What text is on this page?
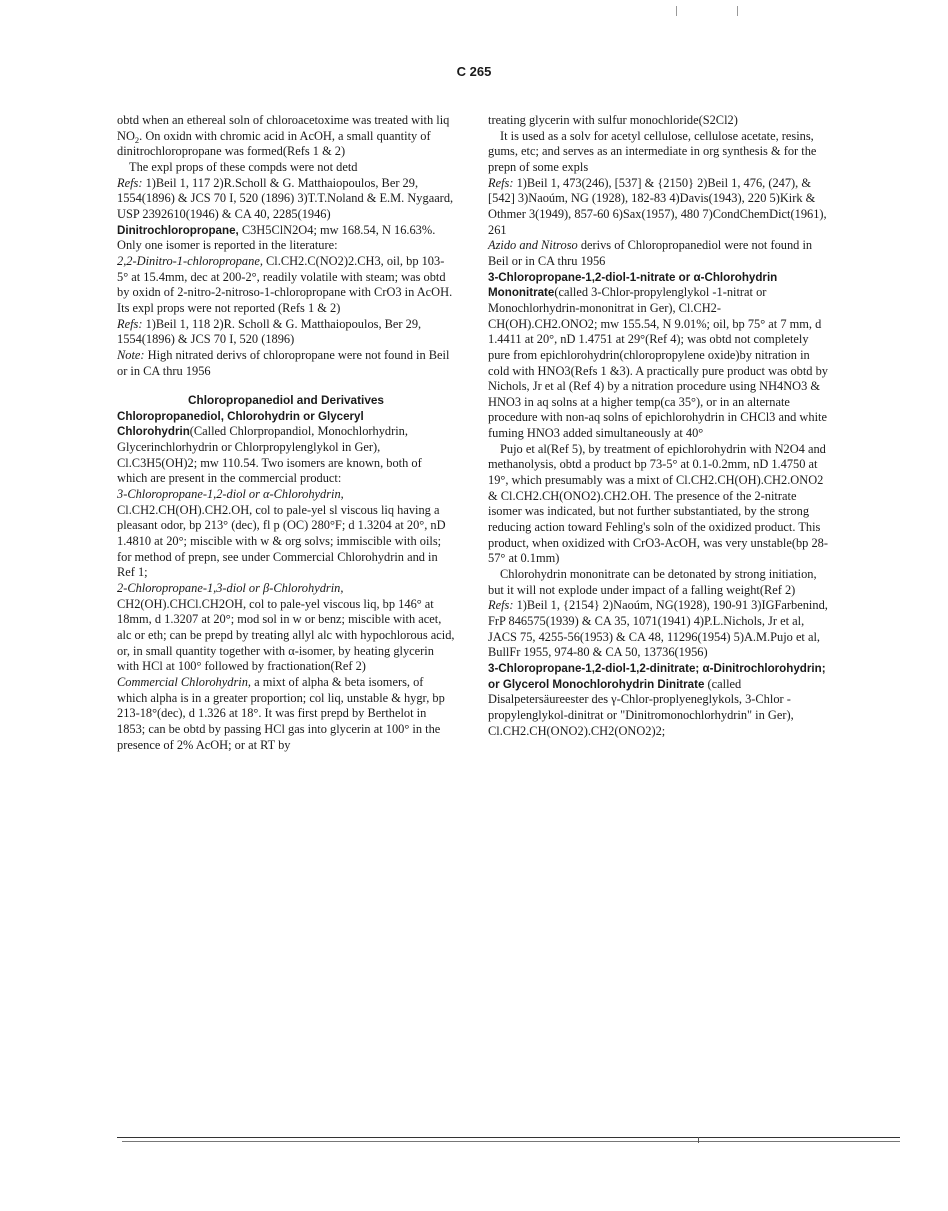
C 265

obtd when an ethereal soln of chloroacetoxime was treated with liq $NO_2$. On oxidn with chromic acid in AcOH, a small quantity of dinitrochloropropane was formed(Refs 1 & 2)

The expl props of these compds were not detd

Refs: 1)Beil 1, 117 2)R.Scholl & G. Matthaiopoulos, Ber 29, 1554(1896) & JCS 70 I, 520 (1896) 3)T.T.Noland & E.M. Nygaard, USP 2392610(1946) & CA 40, 2285(1946)

Dinitrochloropropane, C3H5ClN2O4; mw 168.54, N 16.63%. Only one isomer is reported in the literature:

2,2-Dinitro-1-chloropropane, Cl.CH2.C(NO2)2.CH3, oil, bp 103-5° at 15.4mm, dec at 200-2°, readily volatile with steam; was obtd by oxidn of 2-nitro-2-nitroso-1-chloropropane with CrO3 in AcOH. Its expl props were not reported (Refs 1 & 2)

Refs: 1)Beil 1, 118 2)R. Scholl & G. Matthaiopoulos, Ber 29, 1554(1896) & JCS 70 I, 520 (1896)

Note: High nitrated derivs of chloropropane were not found in Beil or in CA thru 1956

Chloropropanediol and Derivatives

Chloropropanediol, Chlorohydrin or Glyceryl Chlorohydrin(Called Chlorpropandiol, Monochlorhydrin, Glycerinchlorhydrin or Chlorpropylenglykol in Ger), Cl.C3H5(OH)2; mw 110.54. Two isomers are known, both of which are present in the commercial product:

3-Chloropropane-1,2-diol or α-Chlorohydrin, Cl.CH2.CH(OH).CH2.OH, col to pale-yel sl viscous liq having a pleasant odor, bp 213° (dec), fl p (OC) 280°F; d 1.3204 at 20°, nD 1.4810 at 20°; miscible with w & org solvs; immiscible with oils; for method of prepn, see under Commercial Chlorohydrin and in Ref 1;

2-Chloropropane-1,3-diol or β-Chlorohydrin, CH2(OH).CHCl.CH2OH, col to pale-yel viscous liq, bp 146° at 18mm, d 1.3207 at 20°; mod sol in w or benz; miscible with acet, alc or eth; can be prepd by treating allyl alc with hypochlorous acid, or, in small quantity together with α-isomer, by heating glycerin with HCl at 100° followed by fractionation(Ref 2)

Commercial Chlorohydrin, a mixt of alpha & beta isomers, of which alpha is in a greater proportion; col liq, unstable & hygr, bp 213-18°(dec), d 1.326 at 18°. It was first prepd by Berthelot in 1853; can be obtd by passing HCl gas into glycerin at 100° in the presence of 2% AcOH; or at RT by

treating glycerin with sulfur monochloride(S2Cl2)

It is used as a solv for acetyl cellulose, cellulose acetate, resins, gums, etc; and serves as an intermediate in org synthesis & for the prepn of some expls

Refs: 1)Beil 1, 473(246), [537] & {2150} 2)Beil 1, 476, (247), & [542] 3)Naoúm, NG (1928), 182-83 4)Davis(1943), 220 5)Kirk & Othmer 3(1949), 857-60 6)Sax(1957), 480 7)CondChemDict(1961), 261

Azido and Nitroso derivs of Chloropropanediol were not found in Beil or in CA thru 1956

3-Chloropropane-1,2-diol-1-nitrate or α-Chlorohydrin Mononitrate(called 3-Chlor-propylenglykol -1-nitrat or Monochlorhydrin-mononitrat in Ger), Cl.CH2-CH(OH).CH2.ONO2; mw 155.54, N 9.01%; oil, bp 75° at 7 mm, d 1.4411 at 20°, nD 1.4751 at 29°(Ref 4); was obtd not completely pure from epichlorohydrin(chloropropylene oxide)by nitration in cold with HNO3(Refs 1 &3). A practically pure product was obtd by Nichols, Jr et al (Ref 4) by a nitration procedure using NH4NO3 & HNO3 in aq solns at a higher temp(ca 35°), or in an alternate procedure with non-aq solns of epichlorohydrin in CHCl3 and white fuming HNO3 added simultaneously at 40°

Pujo et al(Ref 5), by treatment of epichlorohydrin with N2O4 and methanolysis, obtd a product bp 73-5° at 0.1-0.2mm, nD 1.4750 at 19°, which presumably was a mixt of Cl.CH2.CH(OH).CH2.ONO2 & Cl.CH2.CH(ONO2).CH2.OH. The presence of the 2-nitrate isomer was indicated, but not further substantiated, by the strong reducing action toward Fehling's soln of the oxidized product. This product, when oxidized with CrO3-AcOH, was very unstable(bp 28-57° at 0.1mm)

Chlorohydrin mononitrate can be detonated by strong initiation, but it will not explode under impact of a falling weight(Ref 2)

Refs: 1)Beil 1, {2154} 2)Naoúm, NG(1928), 190-91 3)IGFarbenind, FrP 846575(1939) & CA 35, 1071(1941) 4)P.L.Nichols, Jr et al, JACS 75, 4255-56(1953) & CA 48, 11296(1954) 5)A.M.Pujo et al, BullFr 1955, 974-80 & CA 50, 13736(1956)

3-Chloropropane-1,2-diol-1,2-dinitrate; α-Dinitrochlorohydrin; or Glycerol Monochlorohydrin Dinitrate (called Disalpetersäureester des γ-Chlor-proplyeneglykols, 3-Chlor -propylenglykol-dinitrat or "Dinitromonochlorhydrin" in Ger), Cl.CH2.CH(ONO2).CH2(ONO2)2;
